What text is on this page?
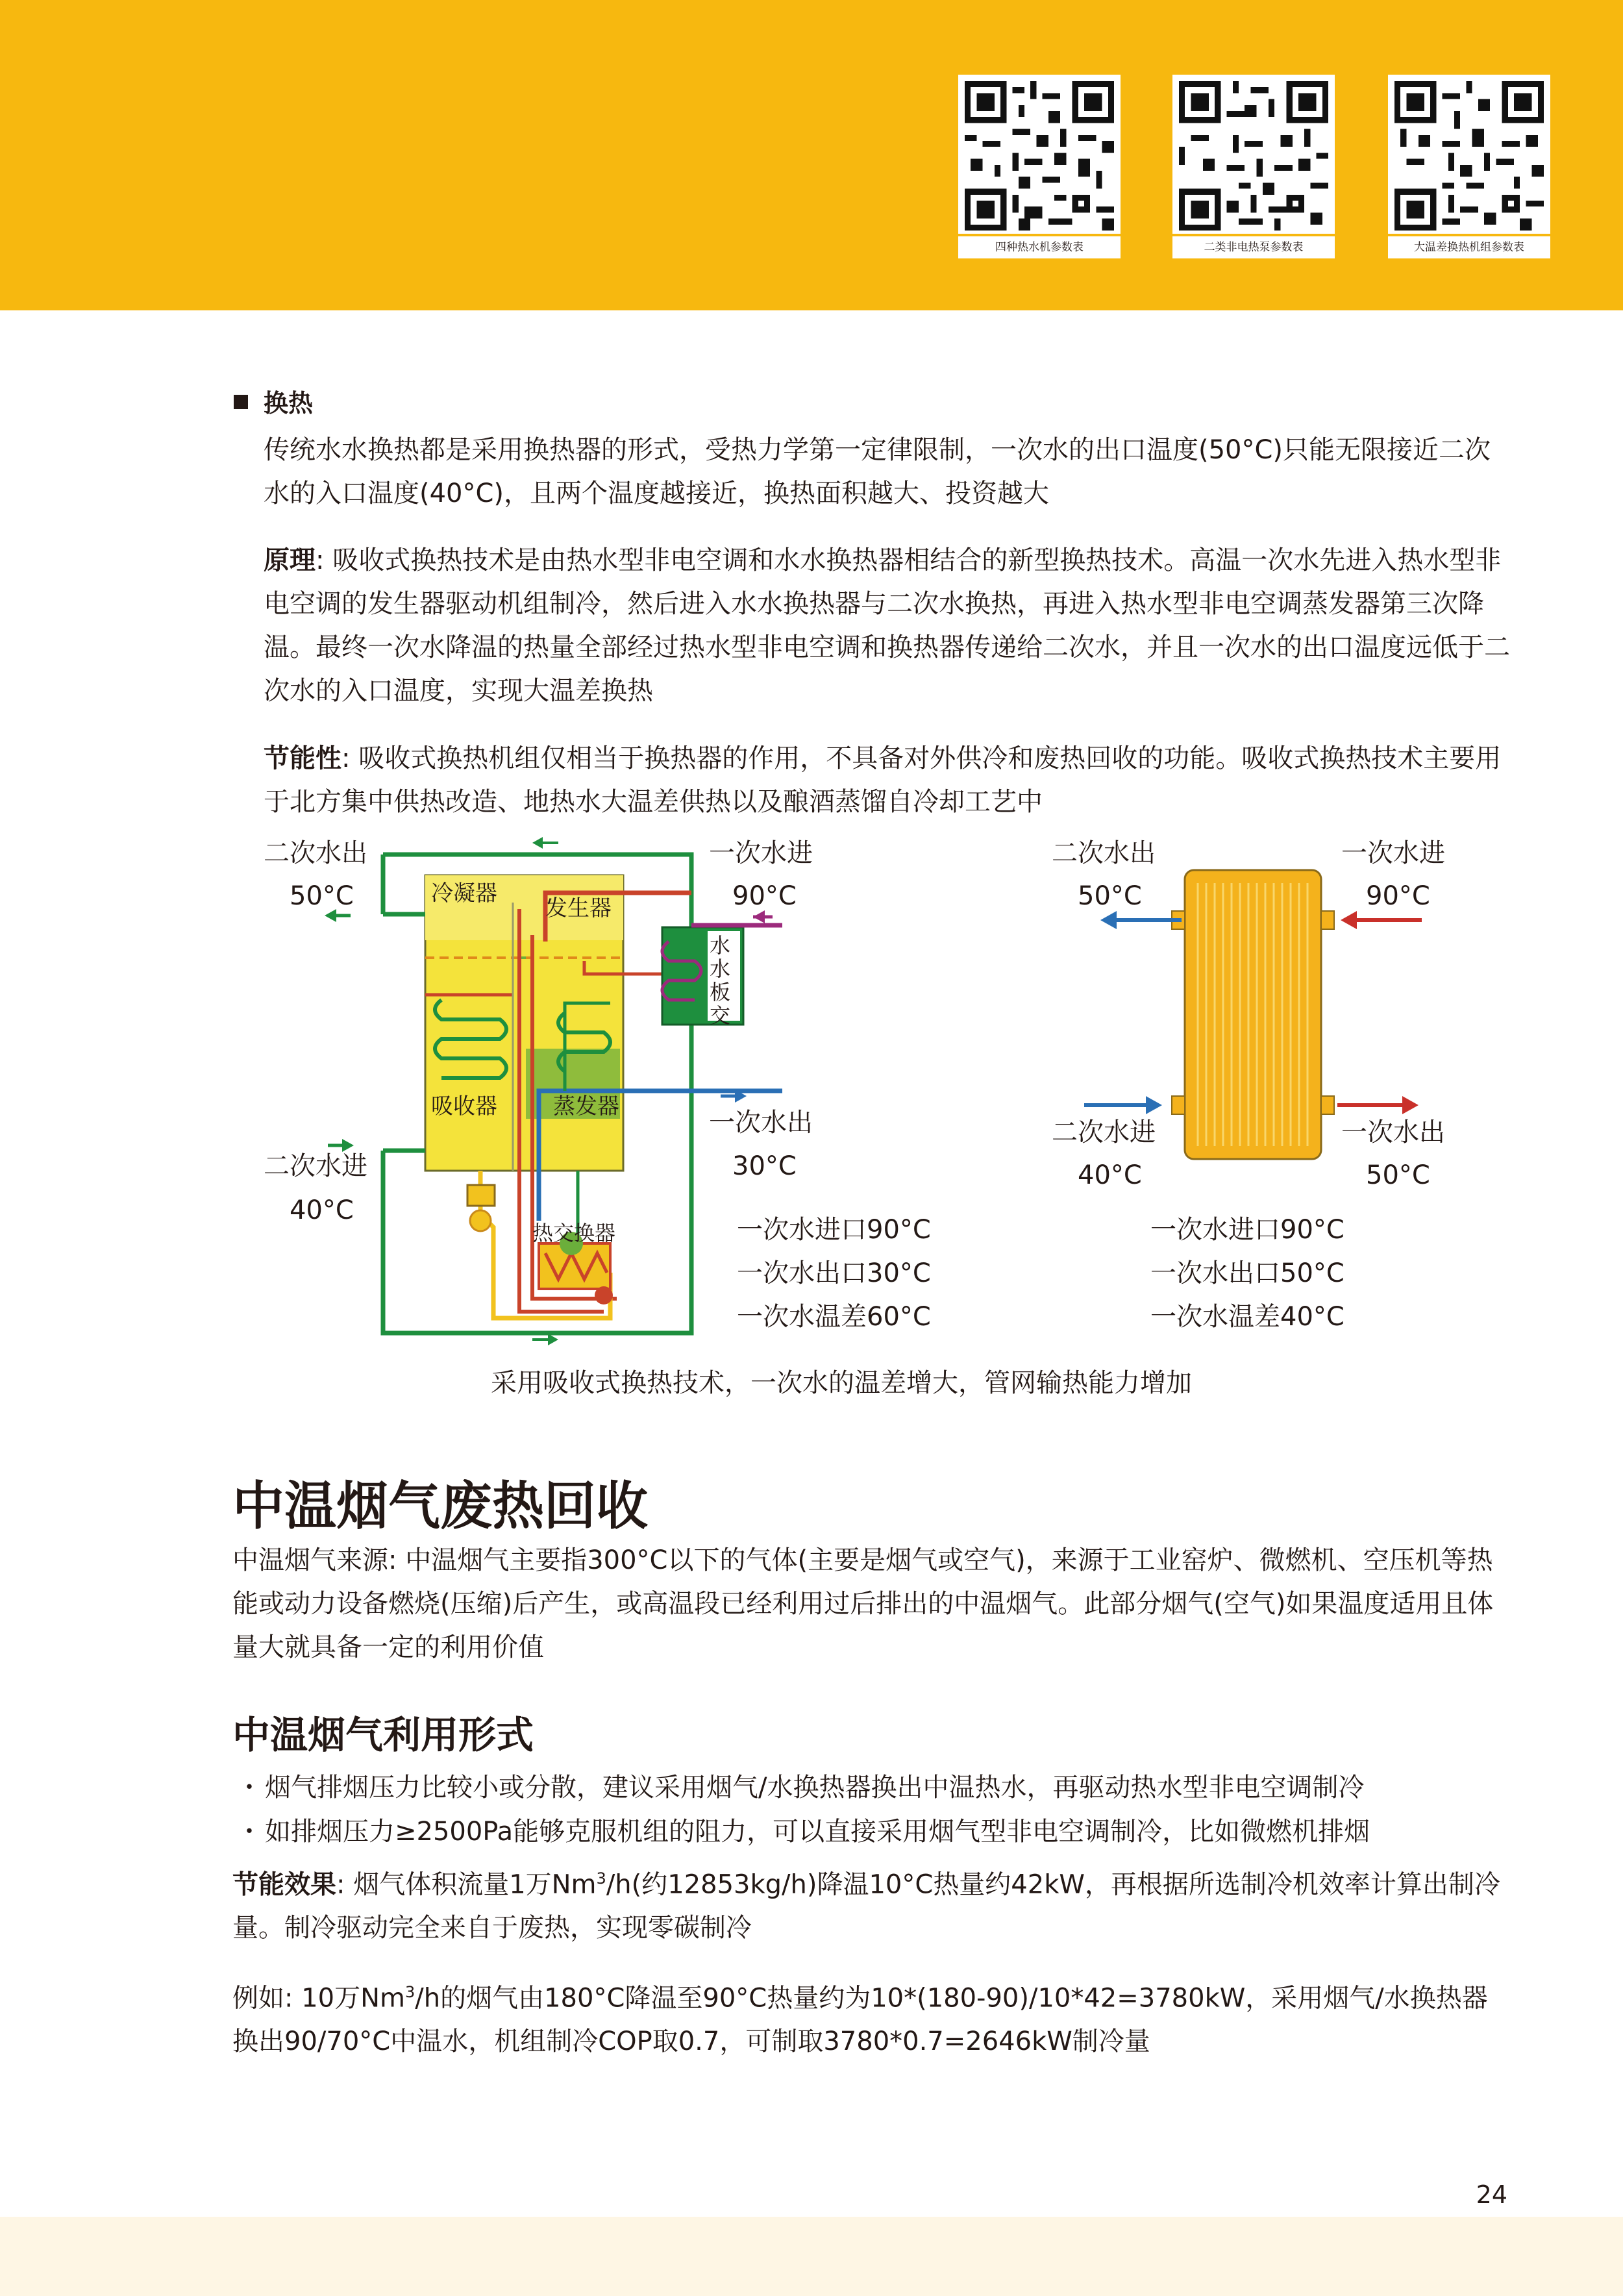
四种热水机参数表	二类非电热泵参数表	大温差换热机组参数表
换热
传统水水换热都是采用换热器的形式，受热力学第一定律限制，一次水的出口温度(50°C)只能无限接近二次水的入口温度(40°C)，且两个温度越接近，换热面积越大、投资越大
原理: 吸收式换热技术是由热水型非电空调和水水换热器相结合的新型换热技术。高温一次水先进入热水型非电空调的发生器驱动机组制冷，然后进入水水换热器与二次水换热，再进入热水型非电空调蒸发器第三次降温。最终一次水降温的热量全部经过热水型非电空调和换热器传递给二次水，并且一次水的出口温度远低于二次水的入口温度，实现大温差换热
节能性: 吸收式换热机组仅相当于换热器的作用，不具备对外供冷和废热回收的功能。吸收式换热技术主要用于北方集中供热改造、地热水大温差供热以及酿酒蒸馏自冷却工艺中
二次水出
50°C
一次水进
90°C
一次水出
30°C
二次水进
40°C
冷凝器
发生器
水水板交
吸收器	蒸发器
热交换器	一次水进口90°C
一次水出口30°C
一次水温差60°C
二次水出
50°C
一次水进
90°C
二次水进
40°C
一次水出
50°C
一次水进口90°C
一次水出口50°C
一次水温差40°C
采用吸收式换热技术，一次水的温差增大，管网输热能力增加
中温烟气废热回收
中温烟气来源: 中温烟气主要指300°C以下的气体(主要是烟气或空气)，来源于工业窑炉、微燃机、空压机等热能或动力设备燃烧(压缩)后产生，或高温段已经利用过后排出的中温烟气。此部分烟气(空气)如果温度适用且体量大就具备一定的利用价值
中温烟气利用形式
・ 烟气排烟压力比较小或分散，建议采用烟气/水换热器换出中温热水，再驱动热水型非电空调制冷
・ 如排烟压力≥2500Pa能够克服机组的阻力，可以直接采用烟气型非电空调制冷，比如微燃机排烟
节能效果: 烟气体积流量1万Nm$^3$/h(约12853kg/h)降温10°C热量约42kW，再根据所选制冷机效率计算出制冷量。制冷驱动完全来自于废热，实现零碳制冷
例如: 10万Nm$^3$/h的烟气由180°C降温至90°C热量约为10*(180-90)/10*42=3780kW，采用烟气/水换热器换出90/70°C中温水，机组制冷COP取0.7，可制取3780*0.7=2646kW制冷量
24
